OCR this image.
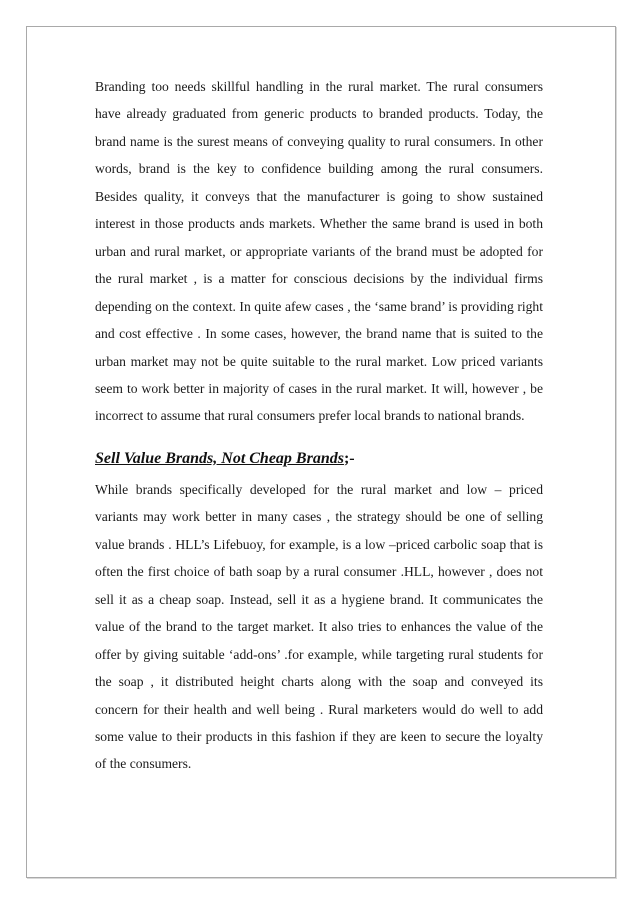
Branding too needs skillful handling in the rural market. The rural consumers have already graduated from generic products to branded products. Today, the brand name is the surest means of conveying quality to rural consumers. In other words, brand is the key to confidence building among the rural consumers. Besides quality, it conveys that the manufacturer is going to show sustained interest in those products ands markets. Whether the same brand is used in both urban and rural market, or appropriate variants of the brand must be adopted for the rural market , is a matter for conscious decisions by the individual firms depending on the context. In quite afew cases , the ‘same brand’ is providing right and cost effective . In some cases, however, the brand name that is suited to the urban market may not be quite suitable to the rural market. Low priced variants seem to work better in majority of cases in the rural market. It will, however , be incorrect to assume that rural consumers prefer local brands to national brands.

Sell Value Brands, Not Cheap Brands;-

While brands specifically developed for the rural market and low – priced variants may work better in many cases , the strategy should be one of selling value brands . HLL’s Lifebuoy, for example, is a low –priced carbolic soap that is often the first choice of bath soap by a rural consumer .HLL, however , does not sell it as a cheap soap. Instead, sell it as a hygiene brand. It communicates the value of the brand to the target market. It also tries to enhances the value of the offer by giving suitable ‘add-ons’ .for example, while targeting rural students for the soap , it distributed height charts along with the soap and conveyed its concern for their health and well being . Rural marketers would do well to add some value to their products in this fashion if they are keen to secure the loyalty of the consumers.
